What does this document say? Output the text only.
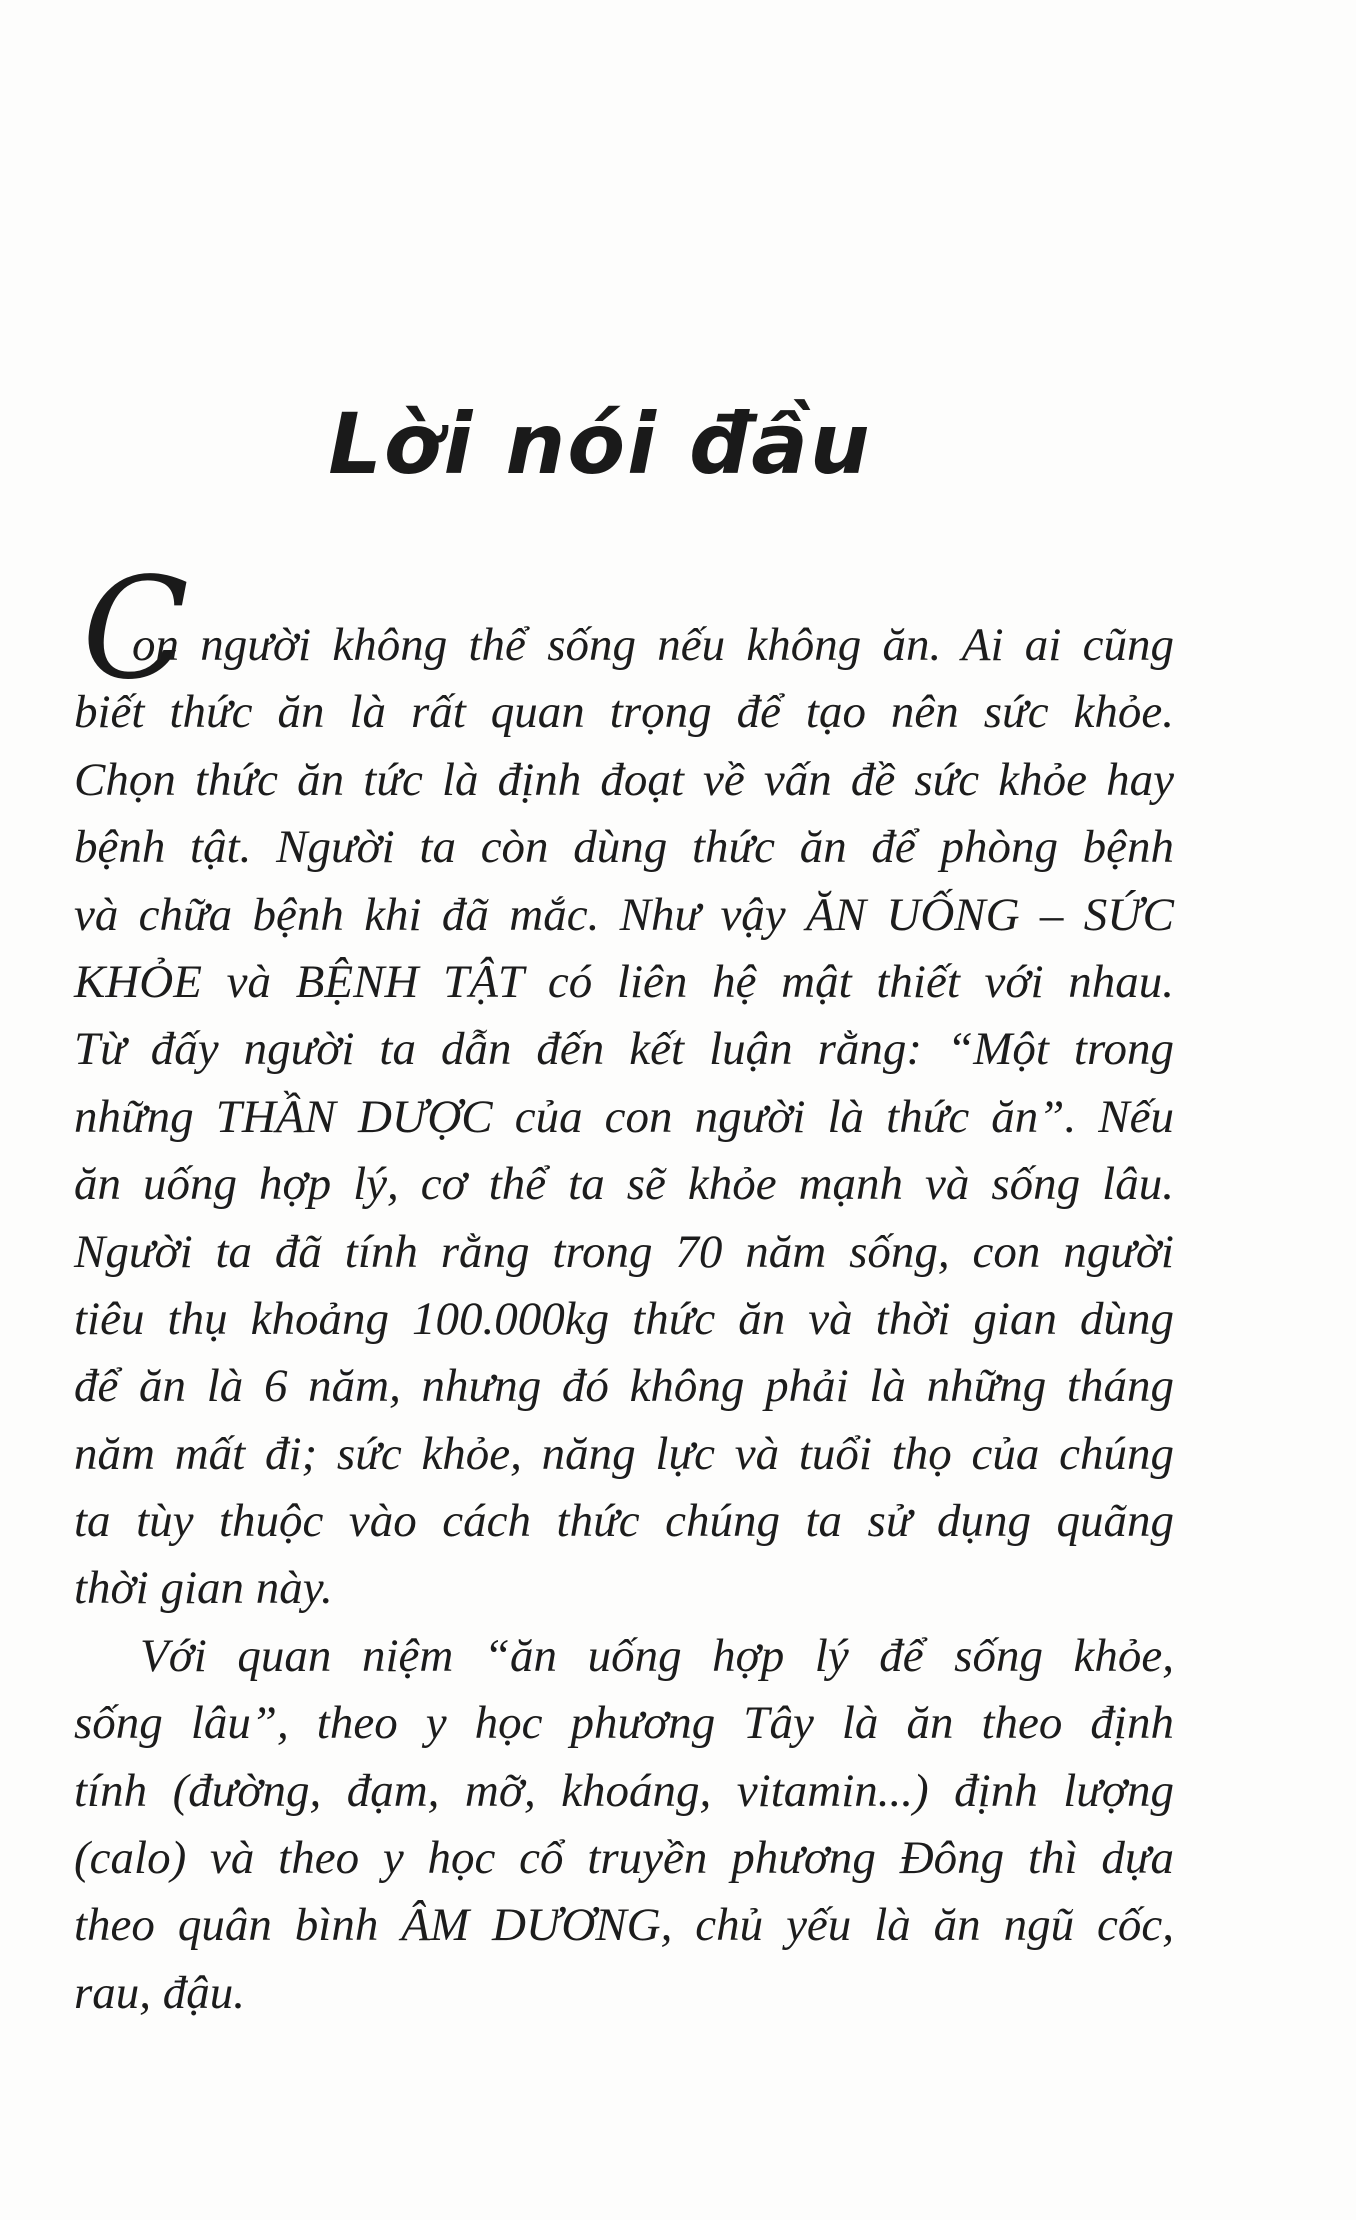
Lời nói đầu
C
on người không thể sống nếu không ăn. Ai ai cũng
biết thức ăn là rất quan trọng để tạo nên sức khỏe.
Chọn thức ăn tức là định đoạt về vấn đề sức khỏe hay
bệnh tật. Người ta còn dùng thức ăn để phòng bệnh
và chữa bệnh khi đã mắc. Như vậy ĂN UỐNG – SỨC
KHỎE và BỆNH TẬT có liên hệ mật thiết với nhau.
Từ đấy người ta dẫn đến kết luận rằng: “Một trong
những THẦN DƯỢC của con người là thức ăn”. Nếu
ăn uống hợp lý, cơ thể ta sẽ khỏe mạnh và sống lâu.
Người ta đã tính rằng trong 70 năm sống, con người
tiêu thụ khoảng 100.000kg thức ăn và thời gian dùng
để ăn là 6 năm, nhưng đó không phải là những tháng
năm mất đi; sức khỏe, năng lực và tuổi thọ của chúng
ta tùy thuộc vào cách thức chúng ta sử dụng quãng
thời gian này.
Với quan niệm “ăn uống hợp lý để sống khỏe,
sống lâu”, theo y học phương Tây là ăn theo định
tính (đường, đạm, mỡ, khoáng, vitamin...) định lượng
(calo) và theo y học cổ truyền phương Đông thì dựa
theo quân bình ÂM DƯƠNG, chủ yếu là ăn ngũ cốc,
rau, đậu.
